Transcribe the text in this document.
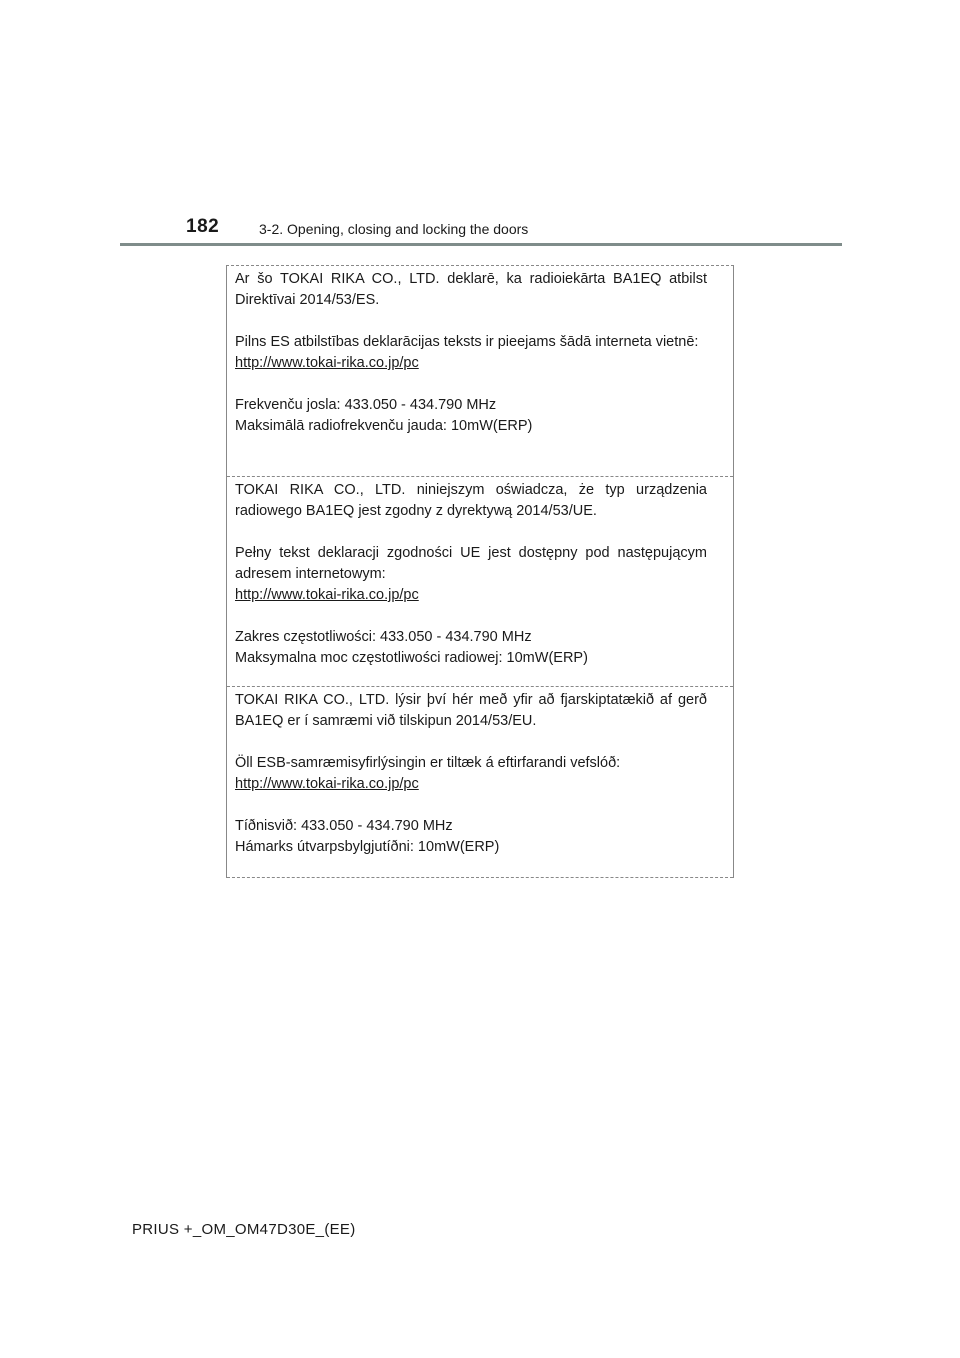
182	3-2. Opening, closing and locking the doors

Ar šo TOKAI RIKA CO., LTD. deklarē, ka radioiekārta BA1EQ atbilst Direktīvai 2014/53/ES.

Pilns ES atbilstības deklarācijas teksts ir pieejams šādā interneta vietnē:
http://www.tokai-rika.co.jp/pc

Frekvenču josla: 433.050 - 434.790 MHz
Maksimālā radiofrekvenču jauda: 10mW(ERP)

TOKAI RIKA CO., LTD. niniejszym oświadcza, że typ urządzenia radiowego BA1EQ jest zgodny z dyrektywą 2014/53/UE.

Pełny tekst deklaracji zgodności UE jest dostępny pod następującym adresem internetowym:
http://www.tokai-rika.co.jp/pc

Zakres częstotliwości: 433.050 - 434.790 MHz
Maksymalna moc częstotliwości radiowej: 10mW(ERP)

TOKAI RIKA CO., LTD. lýsir því hér með yfir að fjarskiptatækið af gerð BA1EQ er í samræmi við tilskipun 2014/53/EU.

Öll ESB-samræmisyfirlýsingin er tiltæk á eftirfarandi vefslóð:
http://www.tokai-rika.co.jp/pc

Tíðnisvið: 433.050 - 434.790 MHz
Hámarks útvarpsbylgjutíðni: 10mW(ERP)

PRIUS +_OM_OM47D30E_(EE)
